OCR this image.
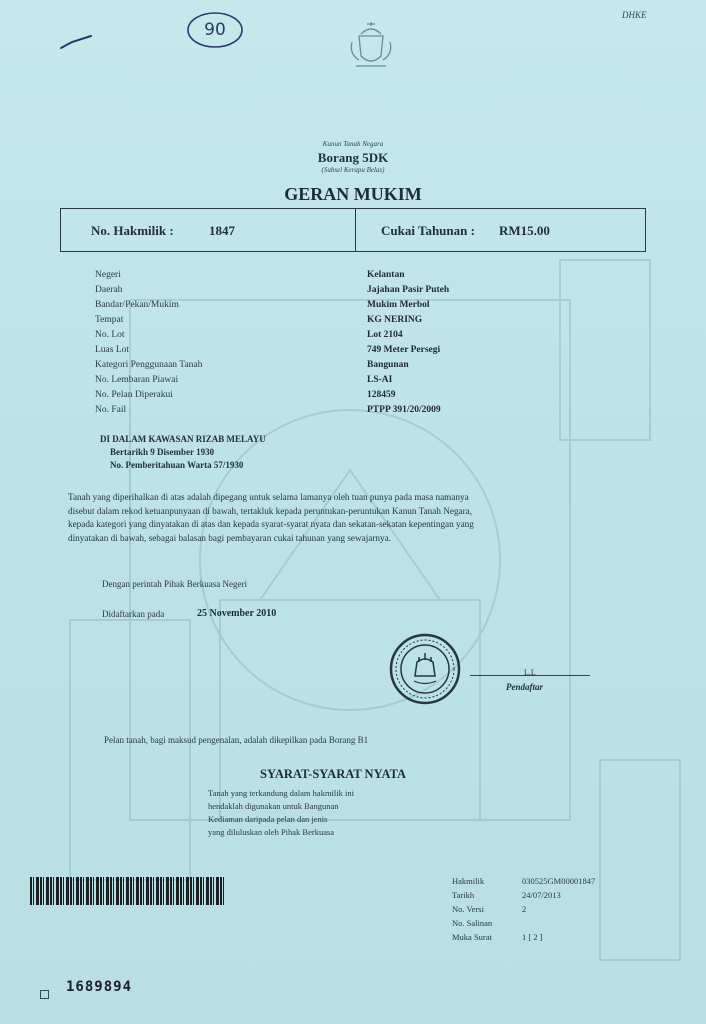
DHKE
90
Kanun Tanah Negara
Borang 5DK
(Subsel Kerapu Belas)
GERAN MUKIM
No. Hakmilik :	1847	Cukai Tahunan : RM15.00
Negeri	Kelantan
Daerah	Jajahan Pasir Puteh
Bandar/Pekan/Mukim	Mukim Merbol
Tempat	KG NERING
No. Lot	Lot 2104
Luas Lot	749 Meter Persegi
Kategori Penggunaan Tanah	Bangunan
No. Lembaran Piawai	LS-AI
No. Pelan Diperakui	128459
No. Fail	PTPP 391/20/2009
DI DALAM KAWASAN RIZAB MELAYU
Bertarikh 9 Disember 1930
No. Pemberitahuan Warta 57/1930
Tanah yang diperihalkan di atas adalah dipegang untuk selama lamanya oleh tuan punya pada masa namanya
disebut dalam rekod ketuanpunyaan di bawah, tertakluk kepada peruntukan-peruntukan Kanun Tanah Negara,
kepada kategori yang dinyatakan di atas dan kepada syarat-syarat nyata dan sekatan-sekatan kepentingan yang
dinyatakan di bawah, sebagai balasan bagi pembayaran cukai tahunan yang sewajarnya.
Dengan perintah Pihak Berkuasa Negeri
Didaftarkan pada	25 November 2010
L.L
Pendaftar
Pelan tanah, bagi maksud pengenalan, adalah dikepilkan pada Borang B1
SYARAT-SYARAT NYATA
Tanah yang terkandung dalam hakmilik ini
hendaklah digunakan untuk Bangunan
Kediaman daripada pelan dan jenis
yang diluluskan oleh Pihak Berkuasa
Hakmilik	030525GM00001847
Tarikh	24/07/2013
No. Versi	2
No. Salinan
Muka Surat	1 [ 2 ]
1689894
